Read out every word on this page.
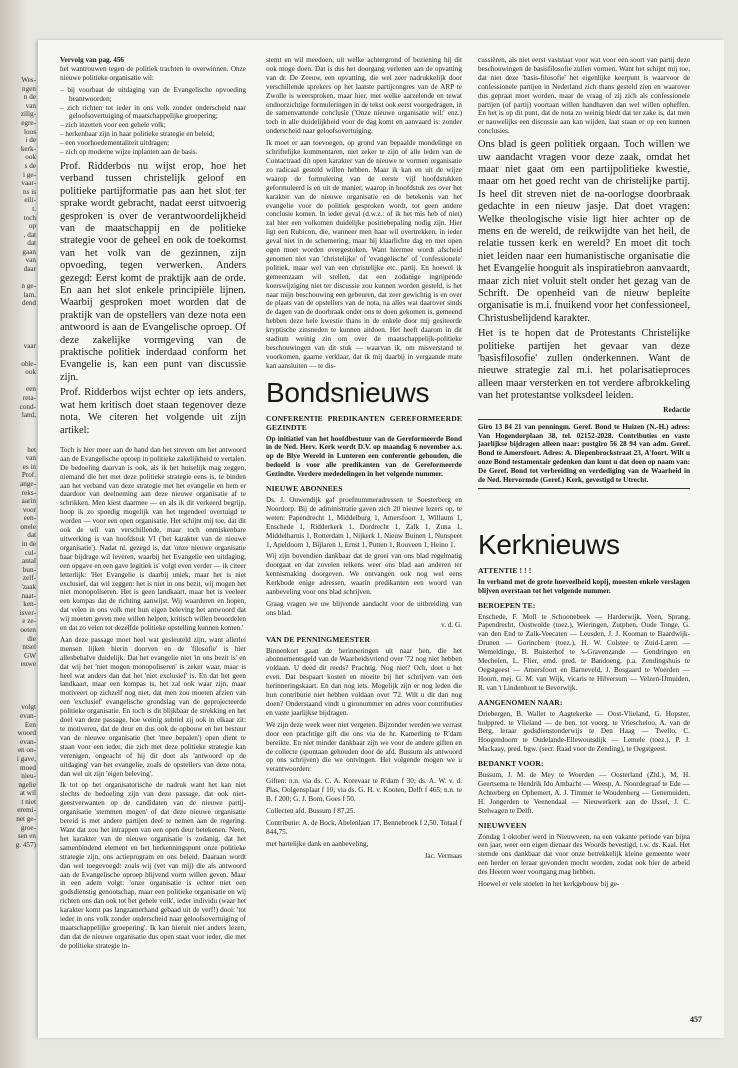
Wes-
ngen
n de
van
zilig-
egre-
loos
i de
kerk-
ook
s de
i ge-
vaar-
ns is
eili-
t.
toch
op
, dat
dat
gaan
van
daar

n ge-
lam.
dend

vaar

oble-
ook

een
reta-
cond-
land,

het
van
es in
Prof.
ange-
reks-
aarin
voor
een-
onele
dat
in de
cul-
antal
bun-
zelf-
'zaak
naat-
ken-
isver-
e ze-
oeten
die
ntsel
GW
euwe

volgt
evan-
Een
woord
evan-
en on-
i gave,
moed
nieu-
ngelie
at wil
t niet
eremi-
net ge-
groe-
sen en
g. 457)

Vervolg van pag. 456
het wantrouwen tegen de politiek trachten te overwinnen. Onze nieuwe politieke organisatie wil:

– bij voorbaat de uitdaging van de Evangelische opvoeding beantwoorden;
– zich richten tot ieder in ons volk zonder onderscheid naar geloofsovertuiging of maatschappelijke groepering;
– zich inzetten voor een gehele volk;
– herkenbaar zijn in haar politieke strategie en beleid;
– een voorhoedementaliteit uitdragen;
– zich op moderne wijze inplanten aan de basis.

Prof. Ridderbos nu wijst erop, hoe het verband tussen christelijk geloof en politieke partijformatie pas aan het slot ter sprake wordt gebracht, nadat eerst uitvoerig gesproken is over de verantwoordelijkheid van de maatschappij en de politieke strategie voor de geheel en ook de toekomst van het volk van de gezinnen, zijn opvoeding, tegen verwerken. Anders gezegd: Eerst komt de praktijk aan de orde. En aan het slot enkele principiële lijnen. Waarbij gesproken moet worden dat de praktijk van de opstellers van deze nota een antwoord is aan de Evangelische oproep. Of deze zakelijke vormgeving van de praktische politiek inderdaad conform het Evangelie is, kan een punt van discussie zijn.

Prof. Ridderbos wijst echter op iets anders, wat hem kritisch doet staan tegenover deze nota. We citeren het volgende uit zijn artikel:

Toch is hier meer aan de hand dan het streven om het antwoord aan de Evangelische oproep in politieke zakelijkheid te vertalen. De bedoeling daarvan is ook, als ik het huiselijk mag zeggen, niemand die het met deze politieke strategie eens is, te binden aan het verband van deze strategie met het evangelie en hem er daardoor van deelneming aan deze nieuwe organisatie af te schrikken. Men kiest daarmee — en als ik dit verkeerd begrijp, hoop ik zo spoedig mogelijk van het tegendeel overtuigd te worden — voor een open organisatie. Het schijnt mij toe, dat dit ook de wil van verschillende, maar toch onmiskenbare uitwerking is van hoofdstuk VI ('het karakter van de nieuwe organisatie'). Nadat nl. gezegd is, dat 'onze nieuwe organisatie haar bijdrage wil leveren, waarbij het Evangelie een uitdaging, een opgave en een gave legitiek is' volgt even verder — ik citeer letterlijk: 'Het Evangelie is daarbij uniek, maar het is niet exclusief, dat wil zeggen: het is niet in ons bezit, wij mogen het niet monopoliseren. Het is geen landkaart, maar het is veeleer een kompas dat de richting aanwijst. Wij waarderen en hopen, dat velen in ons volk met hun eigen beleving het antwoord dat wij moeten geven mee willen helpen, kritisch willen beoordelen en dat zo velen tot dezelfde politieke opstelling kunnen komen.'

Aan deze passage moet heel wat gesleuteld zijn, want allerlei mensen lijken hierin doorven en de 'filosofie' is hier allesbehalve duidelijk. Dat het evangelie niet 'in ons bezit is' en dat wij het 'niet mogen monopoliseren' is zeker waar, maar is heel wat anders dan dat het 'niet exclusief' is. En dat het geen landkaart, maar een kompas is, het zal ook waar zijn, maar motiveert op zichzelf nog niet, dat men zou moeten afzien van een 'exclusief' evangelische grondslag van de geprojecteerde politieke organisatie. En toch is dit blijkbaar de strekking en het doel van deze passage, hoe weinig subtiel zij ook in elkaar zit: te motiveren, dat de deur en dus ook de opbouw en het bestuur van de nieuwe organisatie (het 'mee bepalen') open dient te staan voor een ieder, die zich met deze politieke strategie kan verenigen, ongeacht of hij dit doet als 'antwoord op de uitdaging' van het evangelie, zoals de opstellers van deze nota, dan wel uit zijn 'eigen beleving'.

Ik tot op het organisatorische de nadruk want het kan niet slechts de bedoeling zijn van deze passage, dat ook niet-geestverwanten op de candidaten van de nieuwe partij-organisatie 'stemmen mogen' of dat deze nieuwe organisatie bereid is met andere partijen deel te nemen aan de regering. Want dat zou het intrappen van een open deur betekenen. Neen, het karakter van de nieuwe organisatie is zodanig, dat het samenbindend element en het herkenningspunt onze politieke strategie zijn, ons actieprogram en ons beleid. Daaraan wordt dan wel toegevoegd: zoals wij (vet van mij) die als antwoord aan de Evangelische oproep blijvend vorm willen geven. Maar in een adem volgt: 'onze organisatie is echter niet een godsdienstig genootschap, maar een politieke organisatie en wij richten ons dan ook tot het gehele volk', ieder individu (waar het karakter komt pas langzamerhand gebaad uit de verf!) dooi: 'tot ieder in ons volk zonder onderscheid naar geloofsovertuiging of maatschappelijke groepering'. Ik kan hieruit niet anders lezen, dan dat de nieuwe organisatie dus open staat voor ieder, die met de politieke strategie in-

stemt en wil meedoen, uit welke achtergrond of beziening hij dit ook moge doen. Dat is dus het doorgang verlenen aan de opvatting van dr. De Zeeuw, een opvatting, die wel zeer nadrukkelijk door verschillende sprekers op het laatste partijcongres van de ARP te Zwolle is weersproken, maar hier, met welke aarzelende en tewat ondoorzichtige formuleringen in de tekst ook eerst voorgedragen, in de samenvattende conclusie ('Onze nieuwe organisatie wil:' enz.) toch in alle duidelijkheid voor de dag komt en aanvaard is: zonder onderscheid naar geloofsovertuiging.

Ik moet er aan toevoegen, op grond van bepaalde mondelinge en schriftelijke kommentaren, niet zeker te zijn of alle leden van de Contactraad dit open karakter van de nieuwe te vormen organisatie zo radicaal gesteld willen hebben. Maar ik kan en uit de wijze waarop de formulering van de eerste vijf hoofdstukken geformuleerd is en uit de manier, waarop in hoofdstuk zes over het karakter van de nieuwe organisatie en de betekenis van het evangelie voor de politiek gesproken wordt, tot geen andere conclusie komen. In ieder geval (d.w.z.: of ik het mis heb of niet) zal hier een volkomen duidelijke positiebepaling nodig zijn. Hier ligt een Rubicon, die, wanneer men haar wil overtrekken, in ieder geval niet in de schemering, maar bij klaarlichte dag en met open ogen moet worden overgestoken. Want hiermee wordt afscheid genomen niet van 'christelijke' of 'evangelische' of 'confessionele' politiek, maar wel van een christelijke etc. partij. En hoewel ik gemeenzaam wil stellen, dat een zodanige ingrijpende koerswijziging niet ter discussie zou kunnen worden gesteld, is het naar mijn beschouwing een gebeuren, dat zeer gewichtig is en over de plaats van de opstellers van de nota, na alles wat daarover sinds de dagen van de doorbraak onder ons te doen gekomen is, gemeend hebben deze hele kwestie thans in de enkele door mij gesiteerde kryptische zinsneden te kunnen aitdoen. Het heeft daarom in dit stadium weinig zin om over de maatschappelijk-politieke beschouwingen van dit stuk — waarvan ik, om misverstand te voorkomen, gaarne verklaar, dat ik mij daarbij in vergaande mate kan aansluiten — te dis-

Bondsnieuws
CONFERENTIE PREDIKANTEN GEREFORMEERDE GEZINDTE

Op initiatief van het hoofdbestuur van de Gereformeerde Bond in de Ned. Herv. Kerk wordt D.V. op maandag 6 november a.s. op de Blye Wereld in Lunteren een conferentie gehouden, die bedoeld is voor alle predikanten van de Gereformeerde Gezindte. Verdere mededelingen in het volgende nummer.

NIEUWE ABONNEES

Ds. J. Ouwendijk gaf proefnummeradressen te Soesterberg en Noordorp. Bij de administratie gaven zich 20 nieuwe lezers op, te weten: Papendrecht 1, Middelburg 1, Amersfoort 1, Willaum 1, Enschede 1, Ridderkerk 1, Dordrecht 1, Zalk 1, Zuna 1, Middelharnis 1, Rotterdam 1, Nijkerk 1, Nieuw Buinen 1, Nunspeet 1, Apeldoorn 1, Bijlaren 1, Ernst 1, Putten 1, Rouveen 1, Heino 1.

Wij zijn bovendien dankbaar dat de groei van ons blad regelmatig doorgaat en dat zovelen telkens weer ons blad aan anderen ter kennismaking doorgeven. We ontvangen ook nog wel eens Kerkbode enige adressen, waarin predikanten een woord van aanbeveling voor ons blad schrijven.

Graag vragen we uw blijvende aandacht voor de uitbreiding van ons blad.

v. d. G.

VAN DE PENNINGMEESTER

Binnenkort gaan de herinneringen uit naar hen, die het abonnementsgeld van de Waarheidsvriend over '72 nog niet hebben voldaan. U deed dit reeds? Prachtig. Nog niet? Och, doet u het even. Dat bespaart kosten en moeite bij het schrijven van een herinneringskaart. En dan nog iets. Mogelijk zijn er nog leden die hun contributie niet hebben voldaan over '72. Wilt u dit dan nog doen? Onderstaand vindt u gironummer en adres voor contributies en vaste jaarlijkse bijdragen.

We zijn deze week weer niet vergeten. Bijzonder werden we verrast door een prachtige gift die ons via de hr. Kamerling te R'dam bereikte. En niet minder dankbaar zijn we voor de andere giften en de collecte (spontaan gehouden door de afd. Bussum als antwoord op ons schrijven) die we ontvingen. Het volgende mogen we u verantwoorden:

Giften: n.n. via ds. C. A. Korevaar te R'dam f 30; ds. A. W. v. d. Plas, Oolgensplaat f 10; via ds. G. H. v. Kooten, Delft f 465; n.n. te B. f 200; G. J. Bom, Goes f 50.

Collecten afd. Bussum f 87,25.

Contributie: A. de Bock, Abelenlaan 17, Bennebroek f 2,50. Totaal f 844,75.

met hartelijke dank en aanbeveling,

Jac. Vermaas

cussiëren, als niet eerst vaststaat voor wat voor een soort van partij deze beschouwingen de basisfilosofie zullen vormen. Want het schijnt mij toe, dat niet deze 'basis-filosofie' het eigenlijke keerpunt is waarvoor de confessionele partijen in Nederland zich thans gesteld zien en waarover dus gepraat moet worden, maar de vraag of zij zich als confessionele partijen (of partij) voortaan willen handhaven dan wel willen opheffen. En het is op dit punt, dat de nota zo weinig biedt dat ter zake is, dat men er nauwelijks een discussie aan kan wijden, laat staan er op een kunnen conclusies.

Ons blad is geen politiek orgaan. Toch willen we uw aandacht vragen voor deze zaak, omdat het maar niet gaat om een partijpolitieke kwestie, maar om het goed recht van de christelijke partij. Is heel dit streven niet de na-oorlogse doorbraak gedachte in een nieuw jasje. Dat doet vragen: Welke theologische visie ligt hier achter op de mens en de wereld, de reikwijdte van het heil, de relatie tussen kerk en wereld? En moet dit toch niet leiden naar een humanistische organisatie die het Evangelie hooguit als inspiratiebron aanvaardt, maar zich niet voluit stelt onder het gezag van de Schrift. De openheid van de nieuw bepleite organisatie is m.i. fnuikend voor het confessioneel, Christusbelijdend karakter.

Het is te hopen dat de Protestants Christelijke politieke partijen het gevaar van deze 'basisfilosofie' zullen onderkennen. Want de nieuwe strategie zal m.i. het polarisatieproces alleen maar versterken en tot verdere afbrokkeling van het protestantse volksdeel leiden.

Redactie

Giro 13 84 21 van penningm. Geref. Bond te Huizen (N.-H.) adres: Van Hogendorplaan 38, tel. 02152-2028. Contributies en vaste jaarlijkse bijdragen alleen naar: postgiro 56 28 94 van adm. Geref. Bond te Amersfoort. Adres: A. Diepenbrockstraat 23, A'foort. Wilt u onze Bond testamentair gedenken dan kunt u dat doen op naam van: De Geref. Bond tot verbreiding en verdediging van de Waarheid in de Ned. Hervormde (Geref.) Kerk, gevestigd te Utrecht.

Kerknieuws
ATTENTIE ! ! !

In verband met de grote hoeveelheid kopij, moesten enkele verslagen blijven overstaan tot het volgende nummer.

BEROEPEN TE:

Enschede, F. Moll te Schoonebeek — Harderwijk, Veen, Sprang, Papendrecht, Oostwolde (toez.), Wieringen, Zutphen, Oude Tonge, G. van den End te Zalk-Veecaten — Leusden, J. J. Kooman te Baardwijk-Drunen — Gorinchem (toez.), H. W. Colstee te Zuid-Laren — Wemeldinge, B. Buisterhof te 's-Gravenzande — Gendringen en Mechelen, L. Flier, emd. pred. te Bandoeng, p.a. Zendingshuis te Oegstgeest — Amersfoort en Barneveld, J. Bosgaard te Woerden — Hoorn, mej. G. M. van Wijk, vicaris te Hilversum — Velzen-IJmuiden, R. van 't Lindenhout te Beverwijk.

AANGENOMEN NAAR:

Driebergen, B. Wallet te Aagtekerke — Oost-Vlieland, G. Hopster, hulppred. te Vlieland — de ben. tot voorg. te Vriescheloo, A. van de Berg, leraar godsdienstonderwijs te Den Haag — Twello, C. Hoogendoorn te Oudelande-Ellewoutsdijk — Lemele (toez.), P. J. Mackaay, pred. bgw. (secr. Raad voor de Zending), te Oegstgeest.

BEDANKT VOOR:

Bussum, J. M. de Mey te Woerden — Oosterland (Zld.), M. H. Geertsema te Hendrik Ido Ambacht — Weesp, A. Noordegraaf te Ede — Achterberg en Ophemert, A. J. Timmer te Woudenberg — Genemuiden, H. Jongerden te Veenendaal — Nieuwerkerk aan de IJssel, J. C. Stelwagen te Delft.

NIEUWVEEN

Zondag 1 oktober werd in Nieuwveen, na een vakante periode van bijna een jaar, weer een eigen dienaar des Woords bevestigd, t.w. ds. Kaal. Het stemde ons dankbaar dat voor onze betrekkelijk kleine gemeente weer een herder en leraar gevonden mocht worden, zodat ook hier de arbeid des Heeren weer voortgang mag hebben.

Hoewel er vele stoelen in het kerkgebouw bij ge-

457
